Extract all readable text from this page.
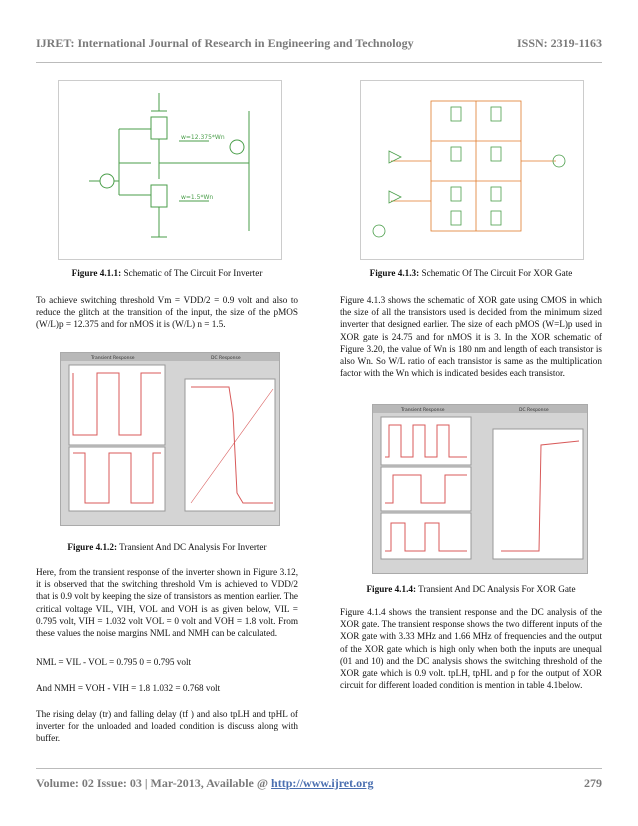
IJRET: International Journal of Research in Engineering and Technology	ISSN: 2319-1163
w=12.375*Wn
w=1.5*Wn
Figure 4.1.1: Schematic of The Circuit For Inverter

To achieve switching threshold Vm = VDD/2 = 0.9 volt and also to reduce the glitch at the transition of the input, the size of the pMOS (W/L)p = 12.375 and for nMOS it is (W/L) n = 1.5.

Transient Response	DC Response
Figure 4.1.2: Transient And DC Analysis For Inverter

Here, from the transient response of the inverter shown in Figure 3.12, it is observed that the switching threshold Vm is achieved to VDD/2 that is 0.9 volt by keeping the size of transistors as mention earlier. The critical voltage VIL, VIH, VOL and VOH is as given below, VIL = 0.795 volt, VIH = 1.032 volt VOL = 0 volt and VOH = 1.8 volt. From these values the noise margins NML and NMH can be calculated.

NML = VIL - VOL = 0.795 0 = 0.795 volt

And NMH = VOH - VIH = 1.8 1.032 = 0.768 volt

The rising delay (tr) and falling delay (tf ) and also tpLH and tpHL of inverter for the unloaded and loaded condition is discuss along with buffer.

Figure 4.1.3: Schematic Of The Circuit For XOR Gate

Figure 4.1.3 shows the schematic of XOR gate using CMOS in which the size of all the transistors used is decided from the minimum sized inverter that designed earlier. The size of each pMOS (W=L)p used in XOR gate is 24.75 and for nMOS it is 3. In the XOR schematic of Figure 3.20, the value of Wn is 180 nm and length of each transistor is also Wn. So W/L ratio of each transistor is same as the multiplication factor with the Wn which is indicated besides each transistor.

Transient Response	DC Response
Figure 4.1.4: Transient And DC Analysis For XOR Gate

Figure 4.1.4 shows the transient response and the DC analysis of the XOR gate. The transient response shows the two different inputs of the XOR gate with 3.33 MHz and 1.66 MHz of frequencies and the output of the XOR gate which is high only when both the inputs are unequal (01 and 10) and the DC analysis shows the switching threshold of the XOR gate which is 0.9 volt. tpLH, tpHL and p for the output of XOR circuit for different loaded condition is mention in table 4.1below.

Volume: 02 Issue: 03 | Mar-2013, Available @ http://www.ijret.org	279
